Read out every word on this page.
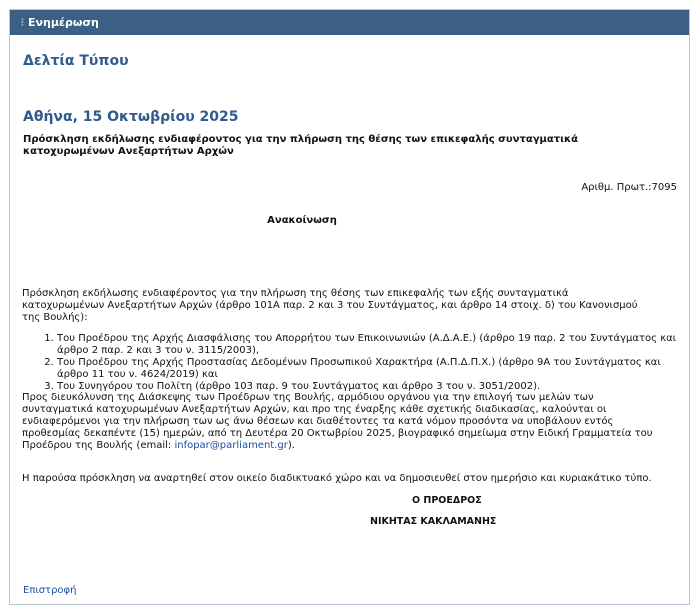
⋮ Ενημέρωση
Δελτία Τύπου
Αθήνα, 15 Οκτωβρίου 2025
Πρόσκληση εκδήλωσης ενδιαφέροντος για την πλήρωση της θέσης των επικεφαλής συνταγματικά κατοχυρωμένων Ανεξαρτήτων Αρχών
Αριθμ. Πρωτ.:7095
Ανακοίνωση
Πρόσκληση εκδήλωσης ενδιαφέροντος για την πλήρωση της θέσης των επικεφαλής των εξής συνταγματικά κατοχυρωμένων Ανεξαρτήτων Αρχών (άρθρο 101Α παρ. 2 και 3 του Συντάγματος, και άρθρο 14 στοιχ. δ) του Κανονισμού της Βουλής):
1. Του Προέδρου της Αρχής Διασφάλισης του Απορρήτου των Επικοινωνιών (Α.Δ.Α.Ε.) (άρθρο 19 παρ. 2 του Συντάγματος και άρθρο 2 παρ. 2 και 3 του ν. 3115/2003),
2. Του Προέδρου της Αρχής Προστασίας Δεδομένων Προσωπικού Χαρακτήρα (Α.Π.Δ.Π.Χ.) (άρθρο 9Α του Συντάγματος και άρθρο 11 του ν. 4624/2019) και
3. Του Συνηγόρου του Πολίτη (άρθρο 103 παρ. 9 του Συντάγματος και άρθρο 3 του ν. 3051/2002).
Προς διευκόλυνση της Διάσκεψης των Προέδρων της Βουλής, αρμόδιου οργάνου για την επιλογή των μελών των συνταγματικά κατοχυρωμένων Ανεξαρτήτων Αρχών, και προ της έναρξης κάθε σχετικής διαδικασίας, καλούνται οι ενδιαφερόμενοι για την πλήρωση των ως άνω θέσεων και διαθέτοντες τα κατά νόμον προσόντα να υποβάλουν εντός προθεσμίας δεκαπέντε (15) ημερών, από τη Δευτέρα 20 Οκτωβρίου 2025, βιογραφικό σημείωμα στην Ειδική Γραμματεία του Προέδρου της Βουλής (email: infopar@parliament.gr).
Η παρούσα πρόσκληση να αναρτηθεί στον οικείο διαδικτυακό χώρο και να δημοσιευθεί στον ημερήσιο και κυριακάτικο τύπο.
Ο ΠΡΟΕΔΡΟΣ
ΝΙΚΗΤΑΣ ΚΑΚΛΑΜΑΝΗΣ
Επιστροφή
